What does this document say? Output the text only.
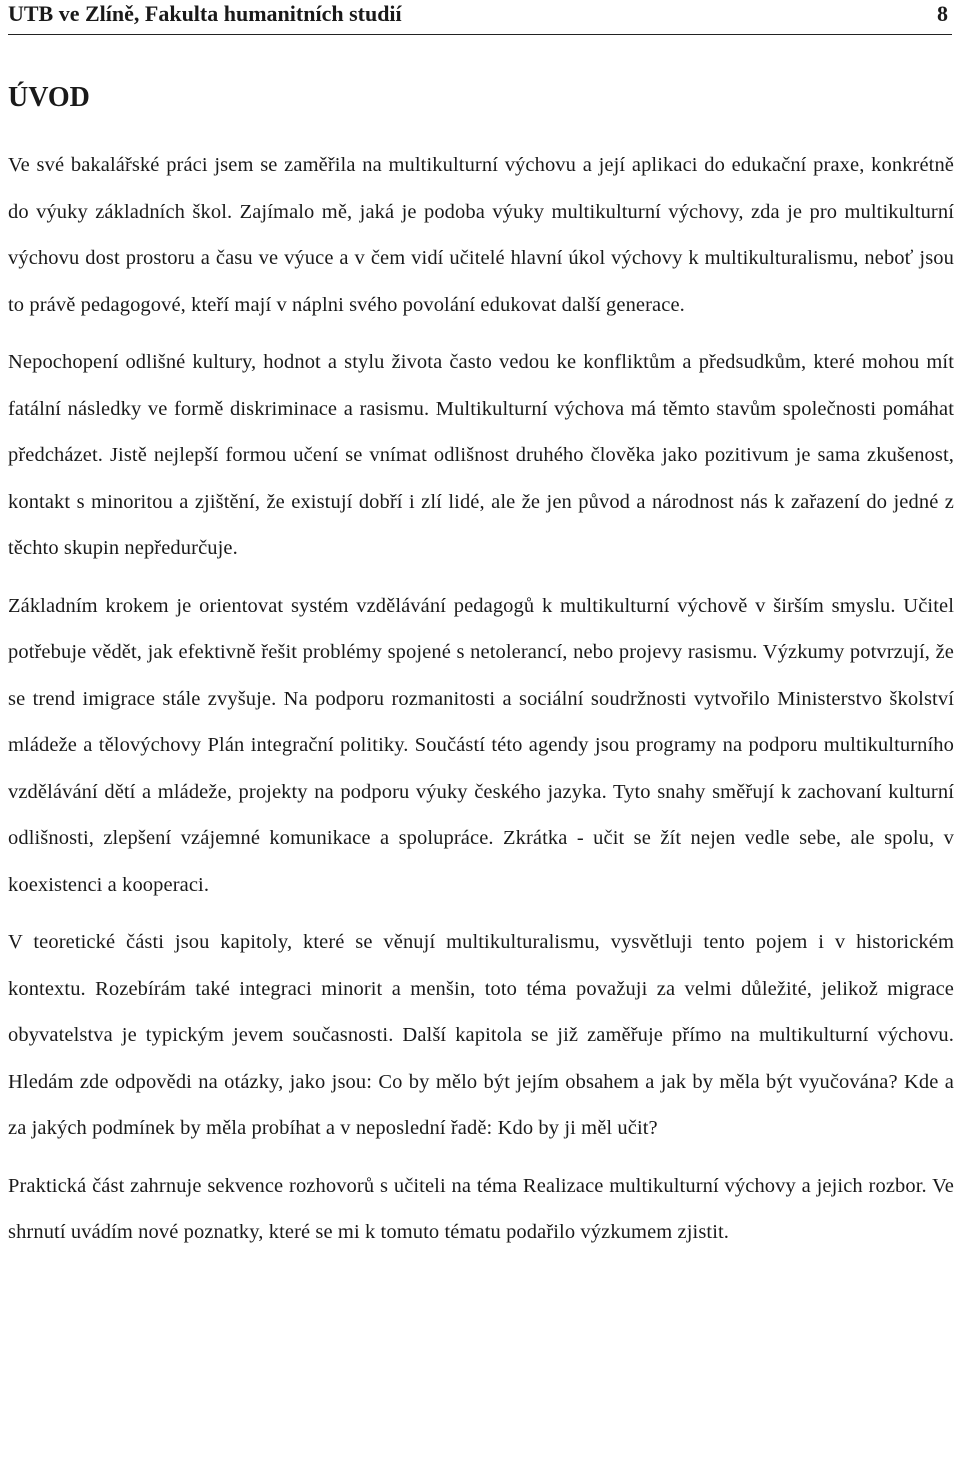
UTB ve Zlíně, Fakulta humanitních studií	8
ÚVOD

Ve své bakalářské práci jsem se zaměřila na multikulturní výchovu a její aplikaci do edukační praxe, konkrétně do výuky základních škol. Zajímalo mě, jaká je podoba výuky multikulturní výchovy, zda je pro multikulturní výchovu dost prostoru a času ve výuce a v čem vidí učitelé hlavní úkol výchovy k multikulturalismu, neboť jsou to právě pedagogové, kteří mají v náplni svého povolání edukovat další generace.

Nepochopení odlišné kultury, hodnot a stylu života často vedou ke konfliktům a předsudkům, které mohou mít fatální následky ve formě diskriminace a rasismu. Multikulturní výchova má těmto stavům společnosti pomáhat předcházet. Jistě nejlepší formou učení se vnímat odlišnost druhého člověka jako pozitivum je sama zkušenost, kontakt s minoritou a zjištění, že existují dobří i zlí lidé, ale že jen původ a národnost nás k zařazení do jedné z těchto skupin nepředurčuje.

Základním krokem je orientovat systém vzdělávání pedagogů k multikulturní výchově v širším smyslu. Učitel potřebuje vědět, jak efektivně řešit problémy spojené s netolerancí, nebo projevy rasismu. Výzkumy potvrzují, že se trend imigrace stále zvyšuje. Na podporu rozmanitosti a sociální soudržnosti vytvořilo Ministerstvo školství mládeže a tělovýchovy Plán integrační politiky. Součástí této agendy jsou programy na podporu multikulturního vzdělávání dětí a mládeže, projekty na podporu výuky českého jazyka. Tyto snahy směřují k zachovaní kulturní odlišnosti, zlepšení vzájemné komunikace a spolupráce. Zkrátka - učit se žít nejen vedle sebe, ale spolu, v koexistenci a kooperaci.

V teoretické části jsou kapitoly, které se věnují multikulturalismu, vysvětluji tento pojem i v historickém kontextu. Rozebírám také integraci minorit a menšin, toto téma považuji za velmi důležité, jelikož migrace obyvatelstva je typickým jevem současnosti. Další kapitola se již zaměřuje přímo na multikulturní výchovu. Hledám zde odpovědi na otázky, jako jsou: Co by mělo být jejím obsahem a jak by měla být vyučována? Kde a za jakých podmínek by měla probíhat a v neposlední řadě: Kdo by ji měl učit?

Praktická část zahrnuje sekvence rozhovorů s učiteli na téma Realizace multikulturní výchovy a jejich rozbor. Ve shrnutí uvádím nové poznatky, které se mi k tomuto tématu podařilo výzkumem zjistit.
